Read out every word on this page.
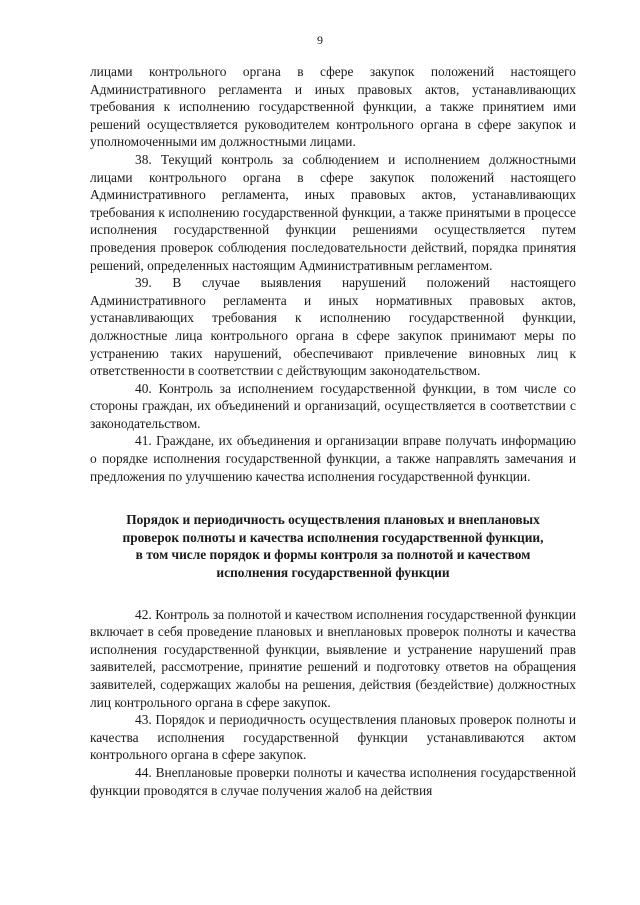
9

лицами контрольного органа в сфере закупок положений настоящего Административного регламента и иных правовых актов, устанавливающих требования к исполнению государственной функции, а также принятием ими решений осуществляется руководителем контрольного органа в сфере закупок и уполномоченными им должностными лицами.

38. Текущий контроль за соблюдением и исполнением должностными лицами контрольного органа в сфере закупок положений настоящего Административного регламента, иных правовых актов, устанавливающих требования к исполнению государственной функции, а также принятыми в процессе исполнения государственной функции решениями осуществляется путем проведения проверок соблюдения последовательности действий, порядка принятия решений, определенных настоящим Административным регламентом.

39. В случае выявления нарушений положений настоящего Административного регламента и иных нормативных правовых актов, устанавливающих требования к исполнению государственной функции, должностные лица контрольного органа в сфере закупок принимают меры по устранению таких нарушений, обеспечивают привлечение виновных лиц к ответственности в соответствии с действующим законодательством.

40. Контроль за исполнением государственной функции, в том числе со стороны граждан, их объединений и организаций, осуществляется в соответствии с законодательством.

41. Граждане, их объединения и организации вправе получать информацию о порядке исполнения государственной функции, а также направлять замечания и предложения по улучшению качества исполнения государственной функции.

Порядок и периодичность осуществления плановых и внеплановых
проверок полноты и качества исполнения государственной функции,
в том числе порядок и формы контроля за полнотой и качеством
исполнения государственной функции

42. Контроль за полнотой и качеством исполнения государственной функции включает в себя проведение плановых и внеплановых проверок полноты и качества исполнения государственной функции, выявление и устранение нарушений прав заявителей, рассмотрение, принятие решений и подготовку ответов на обращения заявителей, содержащих жалобы на решения, действия (бездействие) должностных лиц контрольного органа в сфере закупок.

43. Порядок и периодичность осуществления плановых проверок полноты и качества исполнения государственной функции устанавливаются актом контрольного органа в сфере закупок.

44. Внеплановые проверки полноты и качества исполнения государственной функции проводятся в случае получения жалоб на действия
